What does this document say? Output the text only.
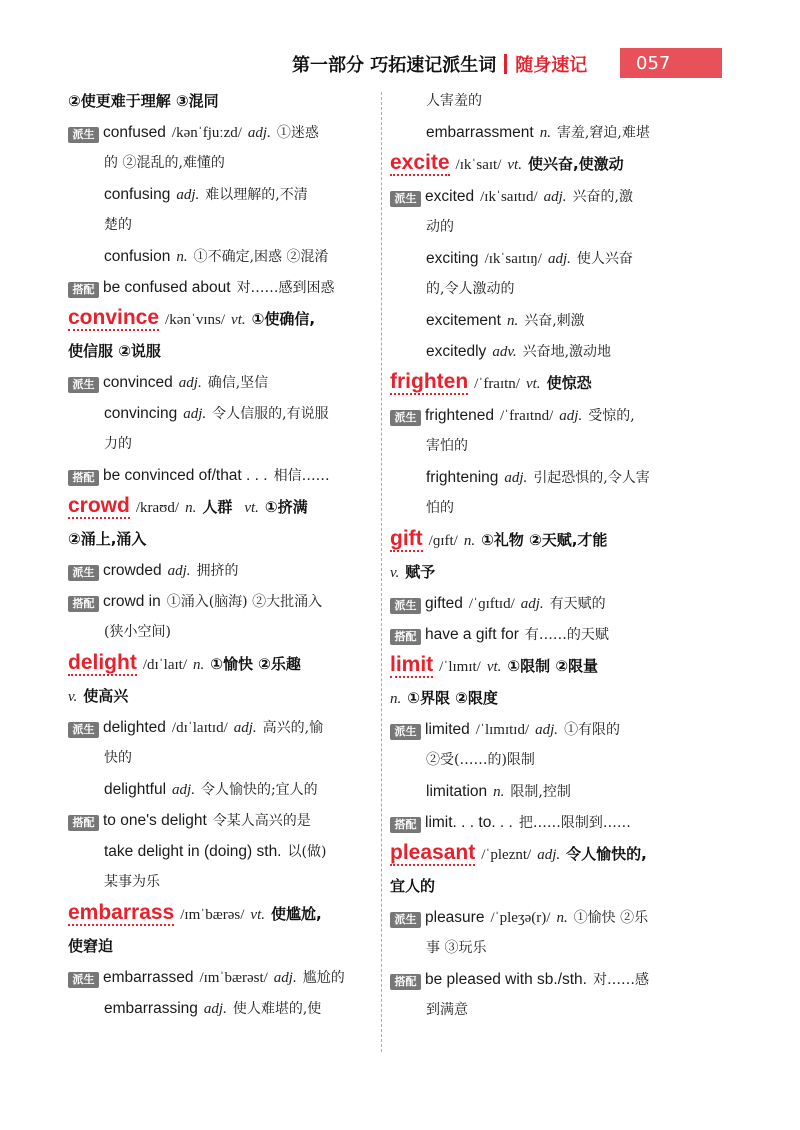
第一部分 巧拓速记派生词 随身速记	057
②使更难于理解 ③混同
派生 confused /kənˈfjuːzd/ adj. ①迷惑
的 ②混乱的,难懂的
confusing adj. 难以理解的,不清
楚的
confusion n. ①不确定,困惑 ②混淆
搭配 be confused about 对……感到困惑
convince /kənˈvɪns/ vt. ①使确信,
使信服 ②说服
派生 convinced adj. 确信,坚信
convincing adj. 令人信服的,有说服
力的
搭配 be convinced of/that . . . 相信……
crowd /kraʊd/ n. 人群 vt. ①挤满
②涌上,涌入
派生 crowded adj. 拥挤的
搭配 crowd in ①涌入(脑海) ②大批涌入
(狭小空间)
delight /dɪˈlaɪt/ n. ①愉快 ②乐趣
v. 使高兴
派生 delighted /dɪˈlaɪtɪd/ adj. 高兴的,愉
快的
delightful adj. 令人愉快的;宜人的
搭配 to one's delight 令某人高兴的是
take delight in (doing) sth. 以(做)
某事为乐
embarrass /ɪmˈbærəs/ vt. 使尴尬,
使窘迫
派生 embarrassed /ɪmˈbærəst/ adj. 尴尬的
embarrassing adj. 使人难堪的,使
人害羞的
embarrassment n. 害羞,窘迫,难堪
excite /ɪkˈsaɪt/ vt. 使兴奋,使激动
派生 excited /ɪkˈsaɪtɪd/ adj. 兴奋的,激
动的
exciting /ɪkˈsaɪtɪŋ/ adj. 使人兴奋
的,令人激动的
excitement n. 兴奋,刺激
excitedly adv. 兴奋地,激动地
frighten /ˈfraɪtn/ vt. 使惊恐
派生 frightened /ˈfraɪtnd/ adj. 受惊的,
害怕的
frightening adj. 引起恐惧的,令人害
怕的
gift /ɡɪft/ n. ①礼物 ②天赋,才能
v. 赋予
派生 gifted /ˈɡɪftɪd/ adj. 有天赋的
搭配 have a gift for 有……的天赋
limit /ˈlɪmɪt/ vt. ①限制 ②限量
n. ①界限 ②限度
派生 limited /ˈlɪmɪtɪd/ adj. ①有限的
②受(……的)限制
limitation n. 限制,控制
搭配 limit. . . to. . . 把……限制到……
pleasant /ˈpleznt/ adj. 令人愉快的,
宜人的
派生 pleasure /ˈpleʒə(r)/ n. ①愉快 ②乐
事 ③玩乐
搭配 be pleased with sb./sth. 对……感
到满意
